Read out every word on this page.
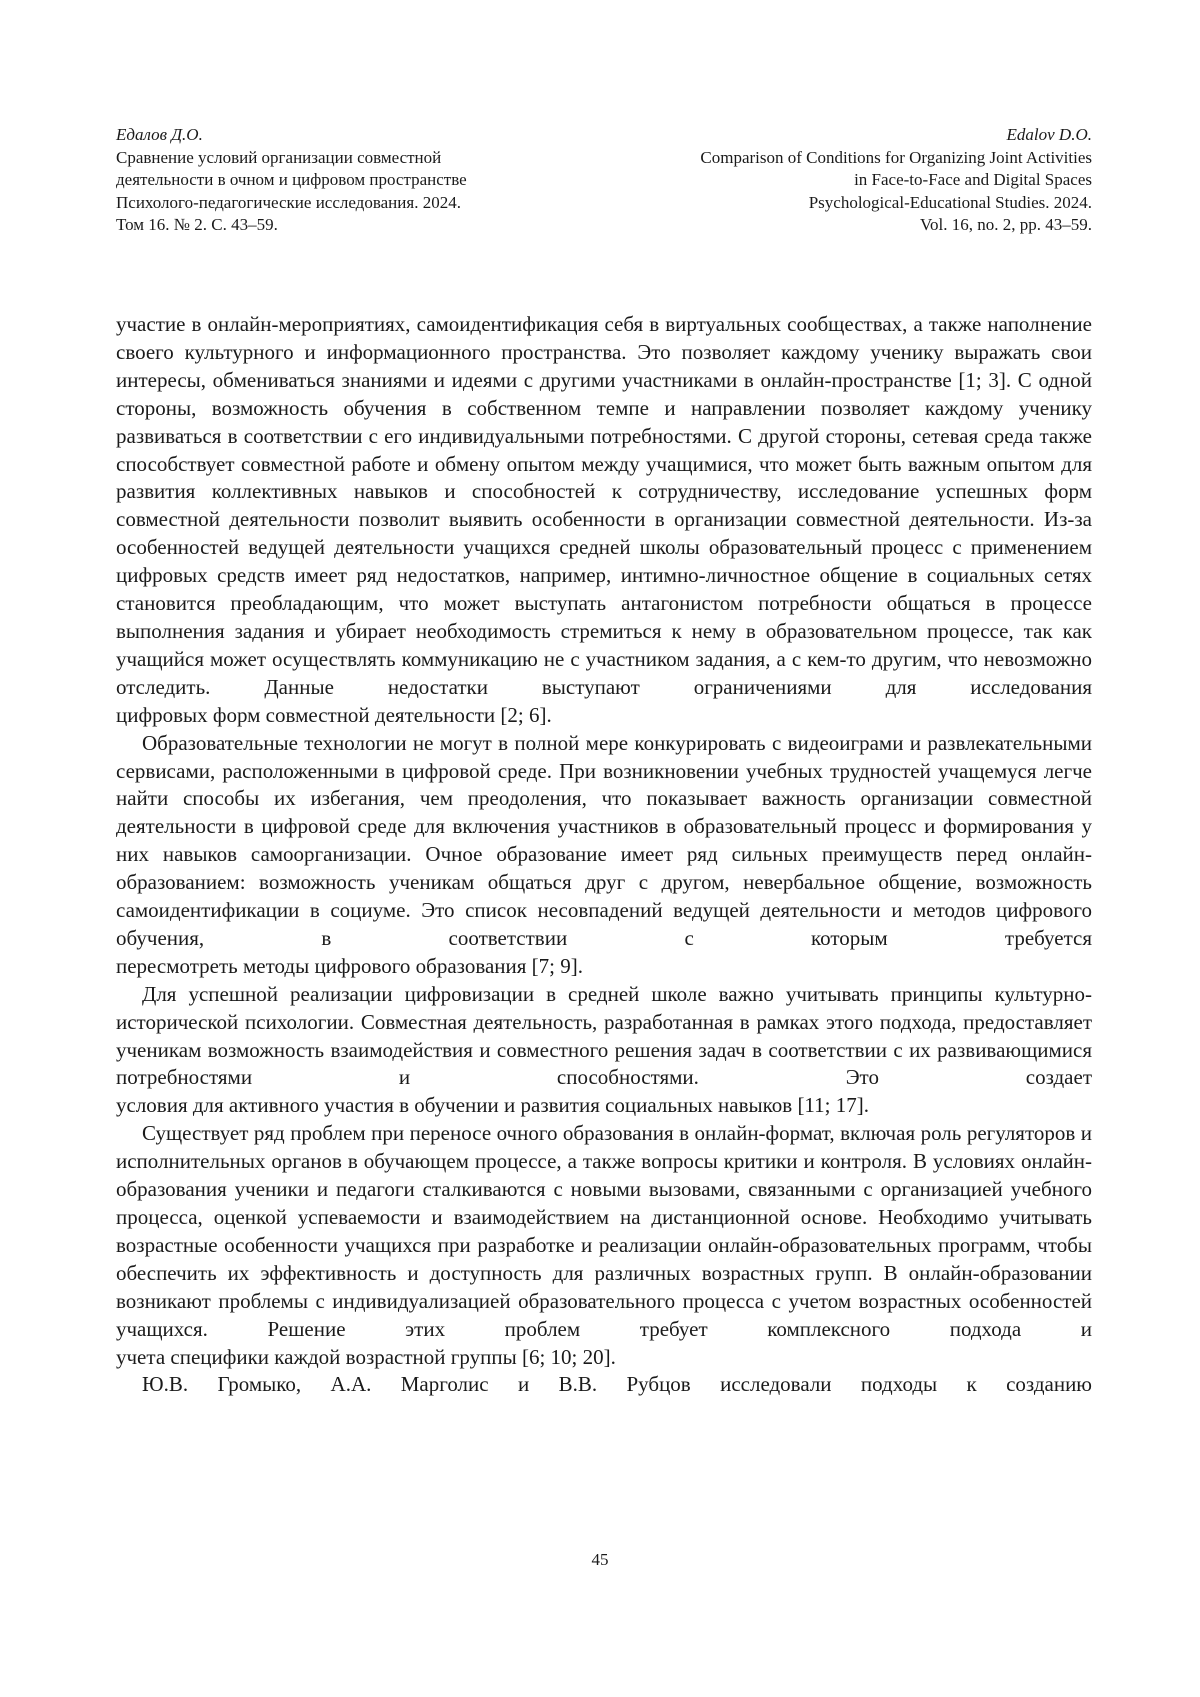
Едалов Д.О.
Сравнение условий организации совместной
деятельности в очном и цифровом пространстве
Психолого-педагогические исследования. 2024.
Том 16. № 2. С. 43–59.
Edalov D.O.
Comparison of Conditions for Organizing Joint Activities
in Face-to-Face and Digital Spaces
Psychological-Educational Studies. 2024.
Vol. 16, no. 2, pp. 43–59.

участие в онлайн-мероприятиях, самоидентификация себя в виртуальных сообществах, а также наполнение своего культурного и информационного пространства. Это позволяет каждому ученику выражать свои интересы, обмениваться знаниями и идеями с другими участниками в онлайн-пространстве [1; 3]. С одной стороны, возможность обучения в собственном темпе и направлении позволяет каждому ученику развиваться в соответствии с его индивидуальными потребностями. С другой стороны, сетевая среда также способствует совместной работе и обмену опытом между учащимися, что может быть важным опытом для развития коллективных навыков и способностей к сотрудничеству, исследование успешных форм совместной деятельности позволит выявить особенности в организации совместной деятельности. Из-за особенностей ведущей деятельности учащихся средней школы образовательный процесс с применением цифровых средств имеет ряд недостатков, например, интимно-личностное общение в социальных сетях становится преобладающим, что может выступать антагонистом потребности общаться в процессе выполнения задания и убирает необходимость стремиться к нему в образовательном процессе, так как учащийся может осуществлять коммуникацию не с участником задания, а с кем-то другим, что невозможно отследить. Данные недостатки выступают ограничениями для исследования

цифровых форм совместной деятельности [2; 6].

Образовательные технологии не могут в полной мере конкурировать с видеоиграми и развлекательными сервисами, расположенными в цифровой среде. При возникновении учебных трудностей учащемуся легче найти способы их избегания, чем преодоления, что показывает важность организации совместной деятельности в цифровой среде для включения участников в образовательный процесс и формирования у них навыков самоорганизации. Очное образование имеет ряд сильных преимуществ перед онлайн-образованием: возможность ученикам общаться друг с другом, невербальное общение, возможность самоидентификации в социуме. Это список несовпадений ведущей деятельности и методов цифрового обучения, в соответствии с которым требуется

пересмотреть методы цифрового образования [7; 9].

Для успешной реализации цифровизации в средней школе важно учитывать принципы культурно-исторической психологии. Совместная деятельность, разработанная в рамках этого подхода, предоставляет ученикам возможность взаимодействия и совместного решения задач в соответствии с их развивающимися потребностями и способностями. Это создает

условия для активного участия в обучении и развития социальных навыков [11; 17].

Существует ряд проблем при переносе очного образования в онлайн-формат, включая роль регуляторов и исполнительных органов в обучающем процессе, а также вопросы критики и контроля. В условиях онлайн-образования ученики и педагоги сталкиваются с новыми вызовами, связанными с организацией учебного процесса, оценкой успеваемости и взаимодействием на дистанционной основе. Необходимо учитывать возрастные особенности учащихся при разработке и реализации онлайн-образовательных программ, чтобы обеспечить их эффективность и доступность для различных возрастных групп. В онлайн-образовании возникают проблемы с индивидуализацией образовательного процесса с учетом возрастных особенностей учащихся. Решение этих проблем требует комплексного подхода и

учета специфики каждой возрастной группы [6; 10; 20].

Ю.В. Громыко, А.А. Марголис и В.В. Рубцов исследовали подходы к созданию

45
